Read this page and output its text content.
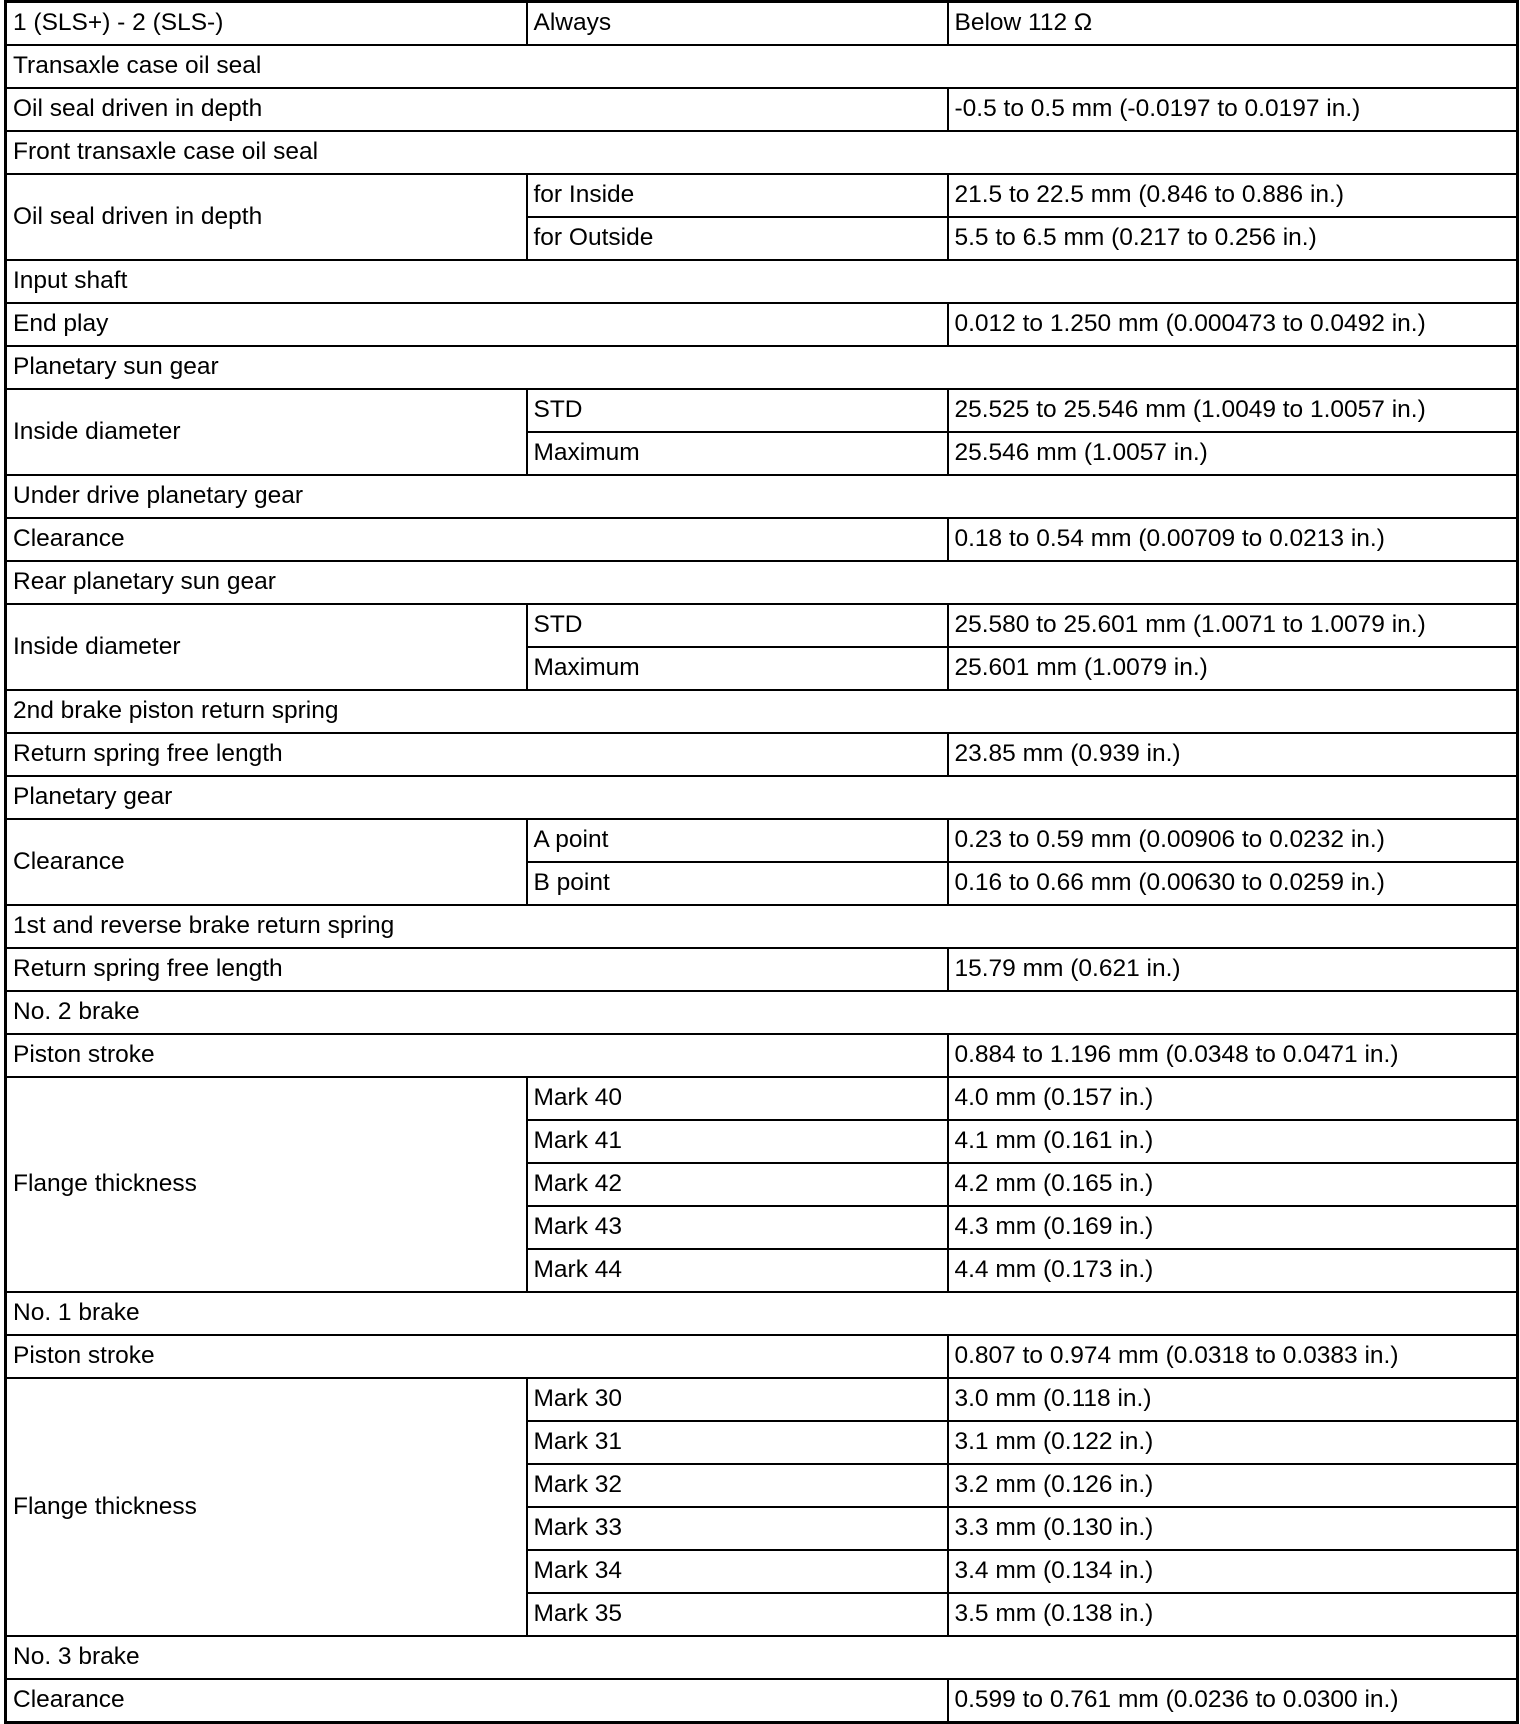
1 (SLS+) - 2 (SLS-)	Always	Below 112 Ω
Transaxle case oil seal		
Oil seal driven in depth		-0.5 to 0.5 mm (-0.0197 to 0.0197 in.)
Front transaxle case oil seal		
Oil seal driven in depth	for Inside	21.5 to 22.5 mm (0.846 to 0.886 in.)
	for Outside	5.5 to 6.5 mm (0.217 to 0.256 in.)
Input shaft		
End play		0.012 to 1.250 mm (0.000473 to 0.0492 in.)
Planetary sun gear		
Inside diameter	STD	25.525 to 25.546 mm (1.0049 to 1.0057 in.)
	Maximum	25.546 mm (1.0057 in.)
Under drive planetary gear		
Clearance		0.18 to 0.54 mm (0.00709 to 0.0213 in.)
Rear planetary sun gear		
Inside diameter	STD	25.580 to 25.601 mm (1.0071 to 1.0079 in.)
	Maximum	25.601 mm (1.0079 in.)
2nd brake piston return spring		
Return spring free length		23.85 mm (0.939 in.)
Planetary gear		
Clearance	A point	0.23 to 0.59 mm (0.00906 to 0.0232 in.)
	B point	0.16 to 0.66 mm (0.00630 to 0.0259 in.)
1st and reverse brake return spring		
Return spring free length		15.79 mm (0.621 in.)
No. 2 brake		
Piston stroke		0.884 to 1.196 mm (0.0348 to 0.0471 in.)
Flange thickness	Mark 40	4.0 mm (0.157 in.)
	Mark 41	4.1 mm (0.161 in.)
	Mark 42	4.2 mm (0.165 in.)
	Mark 43	4.3 mm (0.169 in.)
	Mark 44	4.4 mm (0.173 in.)
No. 1 brake		
Piston stroke		0.807 to 0.974 mm (0.0318 to 0.0383 in.)
Flange thickness	Mark 30	3.0 mm (0.118 in.)
	Mark 31	3.1 mm (0.122 in.)
	Mark 32	3.2 mm (0.126 in.)
	Mark 33	3.3 mm (0.130 in.)
	Mark 34	3.4 mm (0.134 in.)
	Mark 35	3.5 mm (0.138 in.)
No. 3 brake		
Clearance		0.599 to 0.761 mm (0.0236 to 0.0300 in.)
